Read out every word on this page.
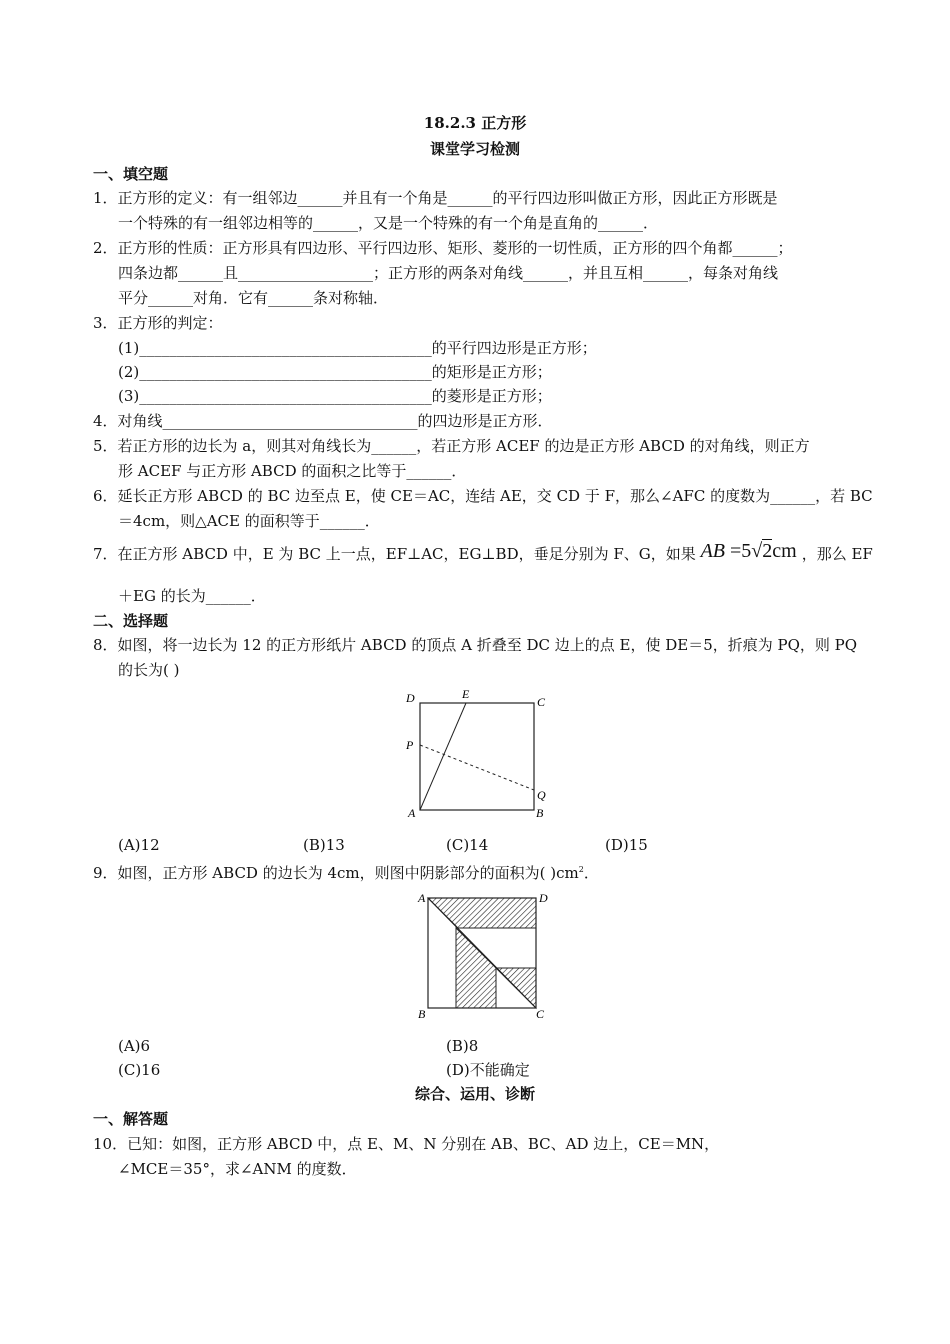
18.2.3 正方形
课堂学习检测
一、填空题
1．正方形的定义：有一组邻边______并且有一个角是______的平行四边形叫做正方形，因此正方形既是
一个特殊的有一组邻边相等的______，又是一个特殊的有一个角是直角的______．
2．正方形的性质：正方形具有四边形、平行四边形、矩形、菱形的一切性质，正方形的四个角都______；
四条边都______且__________________；正方形的两条对角线______，并且互相______，每条对角线
平分______对角．它有______条对称轴．
3．正方形的判定：
(1)_______________________________________的平行四边形是正方形；
(2)_______________________________________的矩形是正方形；
(3)_______________________________________的菱形是正方形；
4．对角线__________________________________的四边形是正方形．
5．若正方形的边长为 a，则其对角线长为______，若正方形 ACEF 的边是正方形 ABCD 的对角线，则正方
形 ACEF 与正方形 ABCD 的面积之比等于______．
6．延长正方形 ABCD 的 BC 边至点 E，使 CE＝AC，连结 AE，交 CD 于 F，那么∠AFC 的度数为______，若 BC
＝4cm，则△ACE 的面积等于______．
7．在正方形 ABCD 中，E 为 BC 上一点，EF⊥AC，EG⊥BD，垂足分别为 F、G，如果 AB =5√2cm ，那么 EF
＋EG 的长为______．
二、选择题
8．如图，将一边长为 12 的正方形纸片 ABCD 的顶点 A 折叠至 DC 边上的点 E，使 DE＝5，折痕为 PQ，则 PQ
的长为( )
D	E
C
P
Q
A	B
(A)12	(B)13	(C)14	(D)15
9．如图，正方形 ABCD 的边长为 4cm，则图中阴影部分的面积为( )$cm^2$．
A	D
B	C
(A)6	(B)8
(C)16	(D)不能确定
综合、运用、诊断
一、解答题
10．已知：如图，正方形 ABCD 中，点 E、M、N 分别在 AB、BC、AD 边上，CE＝MN，
∠MCE＝35°，求∠ANM 的度数．
